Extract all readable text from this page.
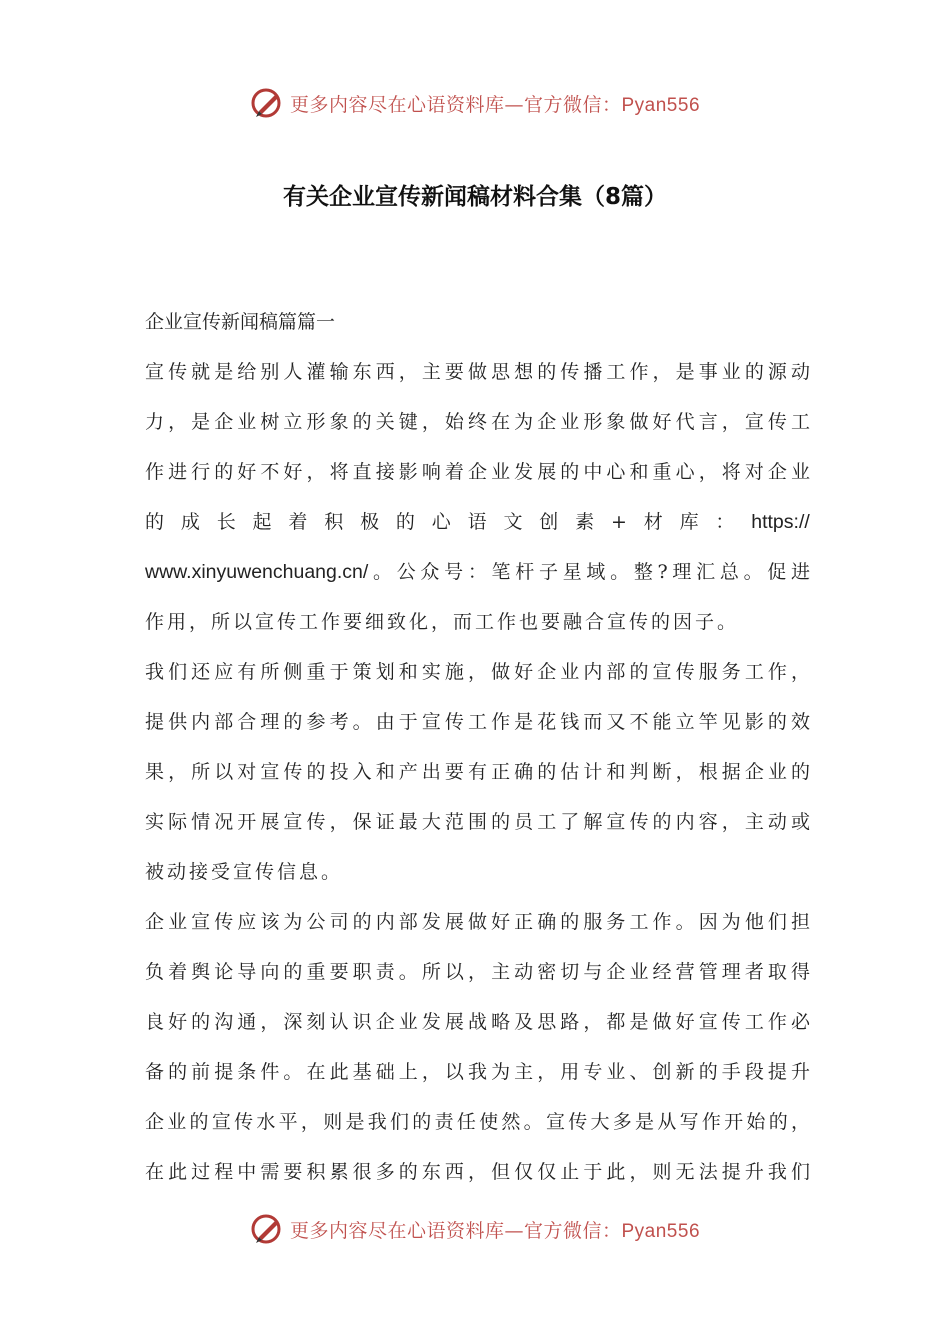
更多内容尽在心语资料库—官方微信：Pyan556
有关企业宣传新闻稿材料合集（8篇）

企业宣传新闻稿篇篇一

宣传就是给别人灌输东西，主要做思想的传播工作，是事业的源动

力，是企业树立形象的关键，始终在为企业形象做好代言，宣传工

作进行的好不好，将直接影响着企业发展的中心和重心，将对企业

的 成 长 起 着 积 极 的 心 语 文 创 素 + 材 库 ： https://

www.xinyuwenchuang.cn/。公众号：笔杆子星域。整?理汇总。促进

作用，所以宣传工作要细致化，而工作也要融合宣传的因子。

我们还应有所侧重于策划和实施，做好企业内部的宣传服务工作，

提供内部合理的参考。由于宣传工作是花钱而又不能立竿见影的效

果，所以对宣传的投入和产出要有正确的估计和判断，根据企业的

实际情况开展宣传，保证最大范围的员工了解宣传的内容，主动或

被动接受宣传信息。

企业宣传应该为公司的内部发展做好正确的服务工作。因为他们担

负着舆论导向的重要职责。所以，主动密切与企业经营管理者取得

良好的沟通，深刻认识企业发展战略及思路，都是做好宣传工作必

备的前提条件。在此基础上，以我为主，用专业、创新的手段提升

企业的宣传水平，则是我们的责任使然。宣传大多是从写作开始的，

在此过程中需要积累很多的东西，但仅仅止于此，则无法提升我们

更多内容尽在心语资料库—官方微信：Pyan556
